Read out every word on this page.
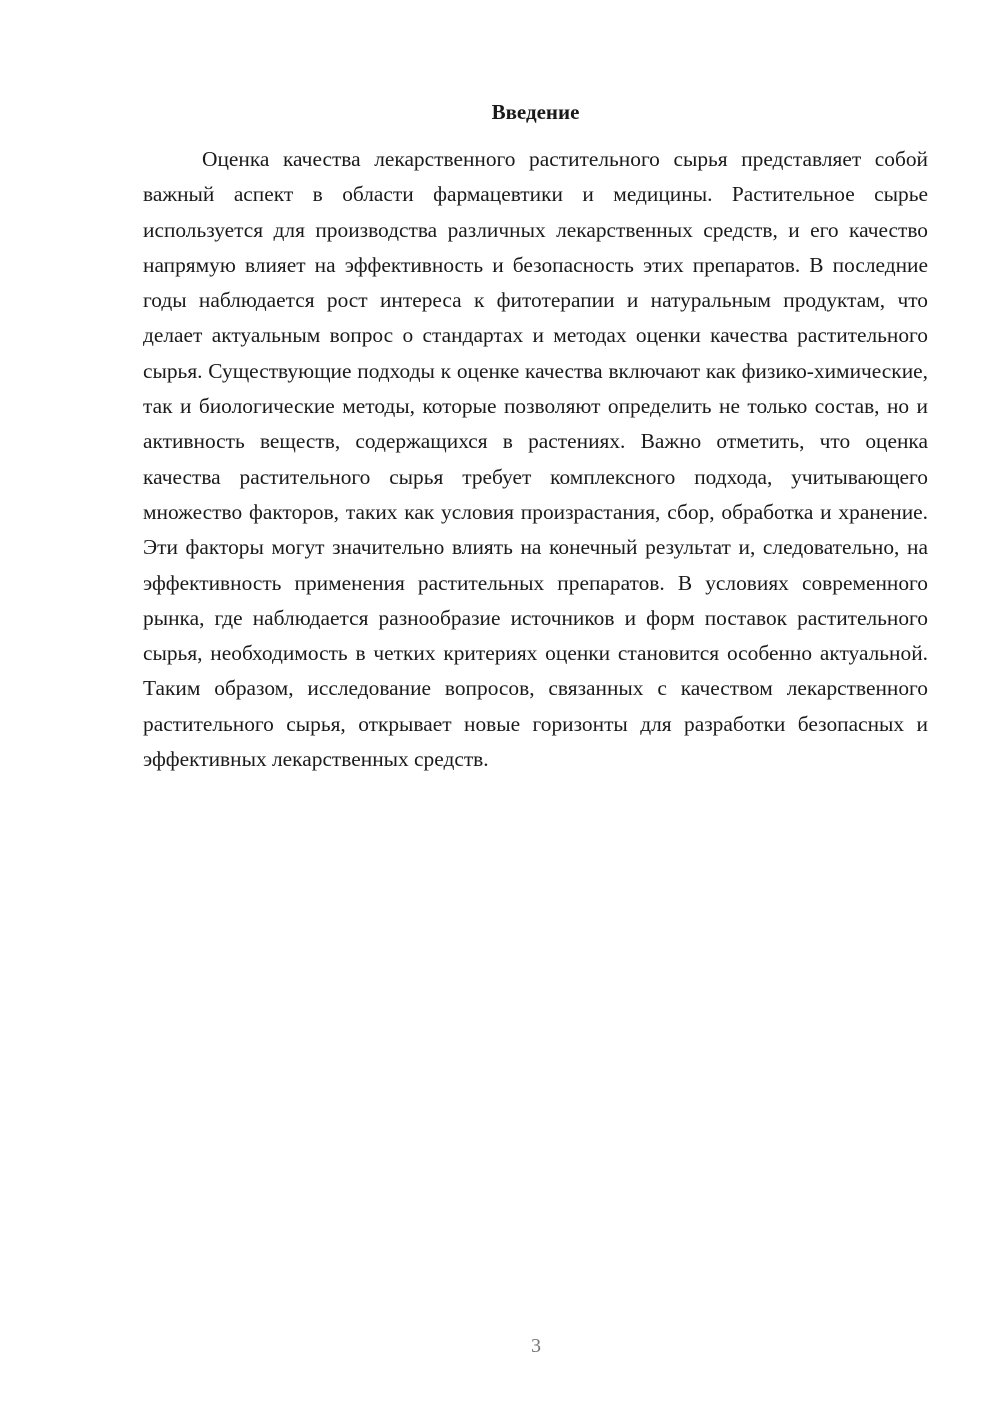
Введение

Оценка качества лекарственного растительного сырья представляет собой важный аспект в области фармацевтики и медицины. Растительное сырье используется для производства различных лекарственных средств, и его качество напрямую влияет на эффективность и безопасность этих препаратов. В последние годы наблюдается рост интереса к фитотерапии и натуральным продуктам, что делает актуальным вопрос о стандартах и методах оценки качества растительного сырья. Существующие подходы к оценке качества включают как физико-химические, так и биологические методы, которые позволяют определить не только состав, но и активность веществ, содержащихся в растениях. Важно отметить, что оценка качества растительного сырья требует комплексного подхода, учитывающего множество факторов, таких как условия произрастания, сбор, обработка и хранение. Эти факторы могут значительно влиять на конечный результат и, следовательно, на эффективность применения растительных препаратов. В условиях современного рынка, где наблюдается разнообразие источников и форм поставок растительного сырья, необходимость в четких критериях оценки становится особенно актуальной. Таким образом, исследование вопросов, связанных с качеством лекарственного растительного сырья, открывает новые горизонты для разработки безопасных и эффективных лекарственных средств.

3
